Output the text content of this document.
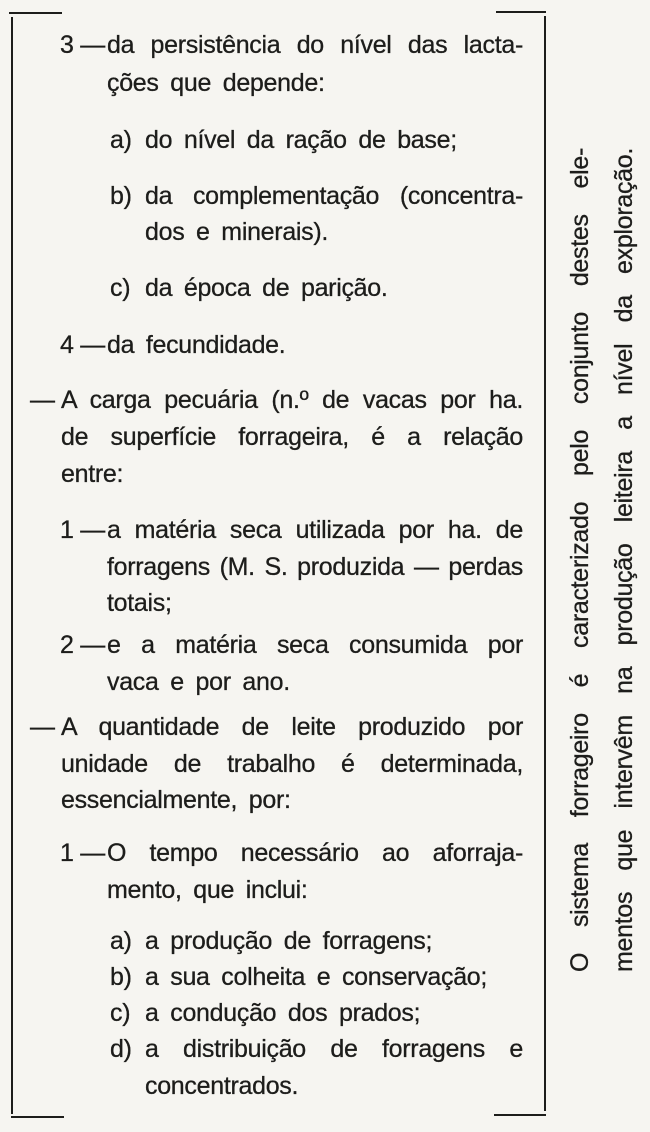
3 — da persistência do nível das lacta-
ções que depende:
a) do nível da ração de base;
b) da complementação (concentra-
dos e minerais).
c) da época de parição.
4 — da fecundidade.
— A carga pecuária (n.º de vacas por ha.
de superfície forrageira, é a relação
entre:
1 — a matéria seca utilizada por ha. de
forragens (M. S. produzida — perdas
totais;
2 — e a matéria seca consumida por
vaca e por ano.
— A quantidade de leite produzido por
unidade de trabalho é determinada,
essencialmente, por:
1 — O tempo necessário ao aforraja-
mento, que inclui:
a) a produção de forragens;
b) a sua colheita e conservação;
c) a condução dos prados;
d) a distribuição de forragens e
concentrados.
O sistema forrageiro é caracterizado pelo conjunto destes ele- mentos que intervêm na produção leiteira a nível da exploração.
